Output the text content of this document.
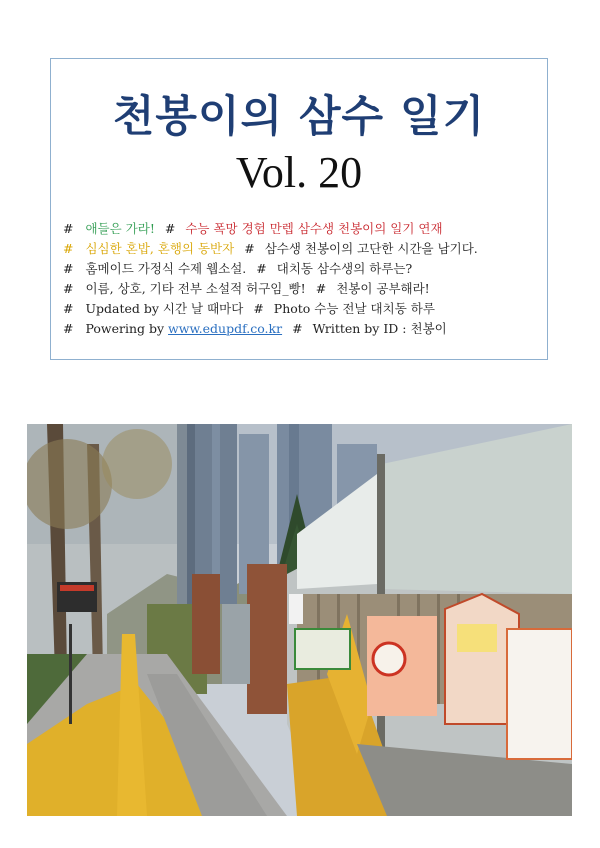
천봉이의 삼수 일기
Vol. 20
# 애들은 가라! # 수능 폭망 경험 만렙 삼수생 천봉이의 일기 연재
# 심심한 혼밥, 혼행의 동반자 # 삼수생 천봉이의 고단한 시간을 남기다.
# 홈메이드 가정식 수제 웹소설. # 대치동 삼수생의 하루는?
# 이름, 상호, 기타 전부 소설적 허구임_빵! # 천봉이 공부해라!
# Updated by 시간 날 때마다 # Photo 수능 전날 대치동 하루
# Powering by www.edupdf.co.kr # Written by ID : 천봉이
